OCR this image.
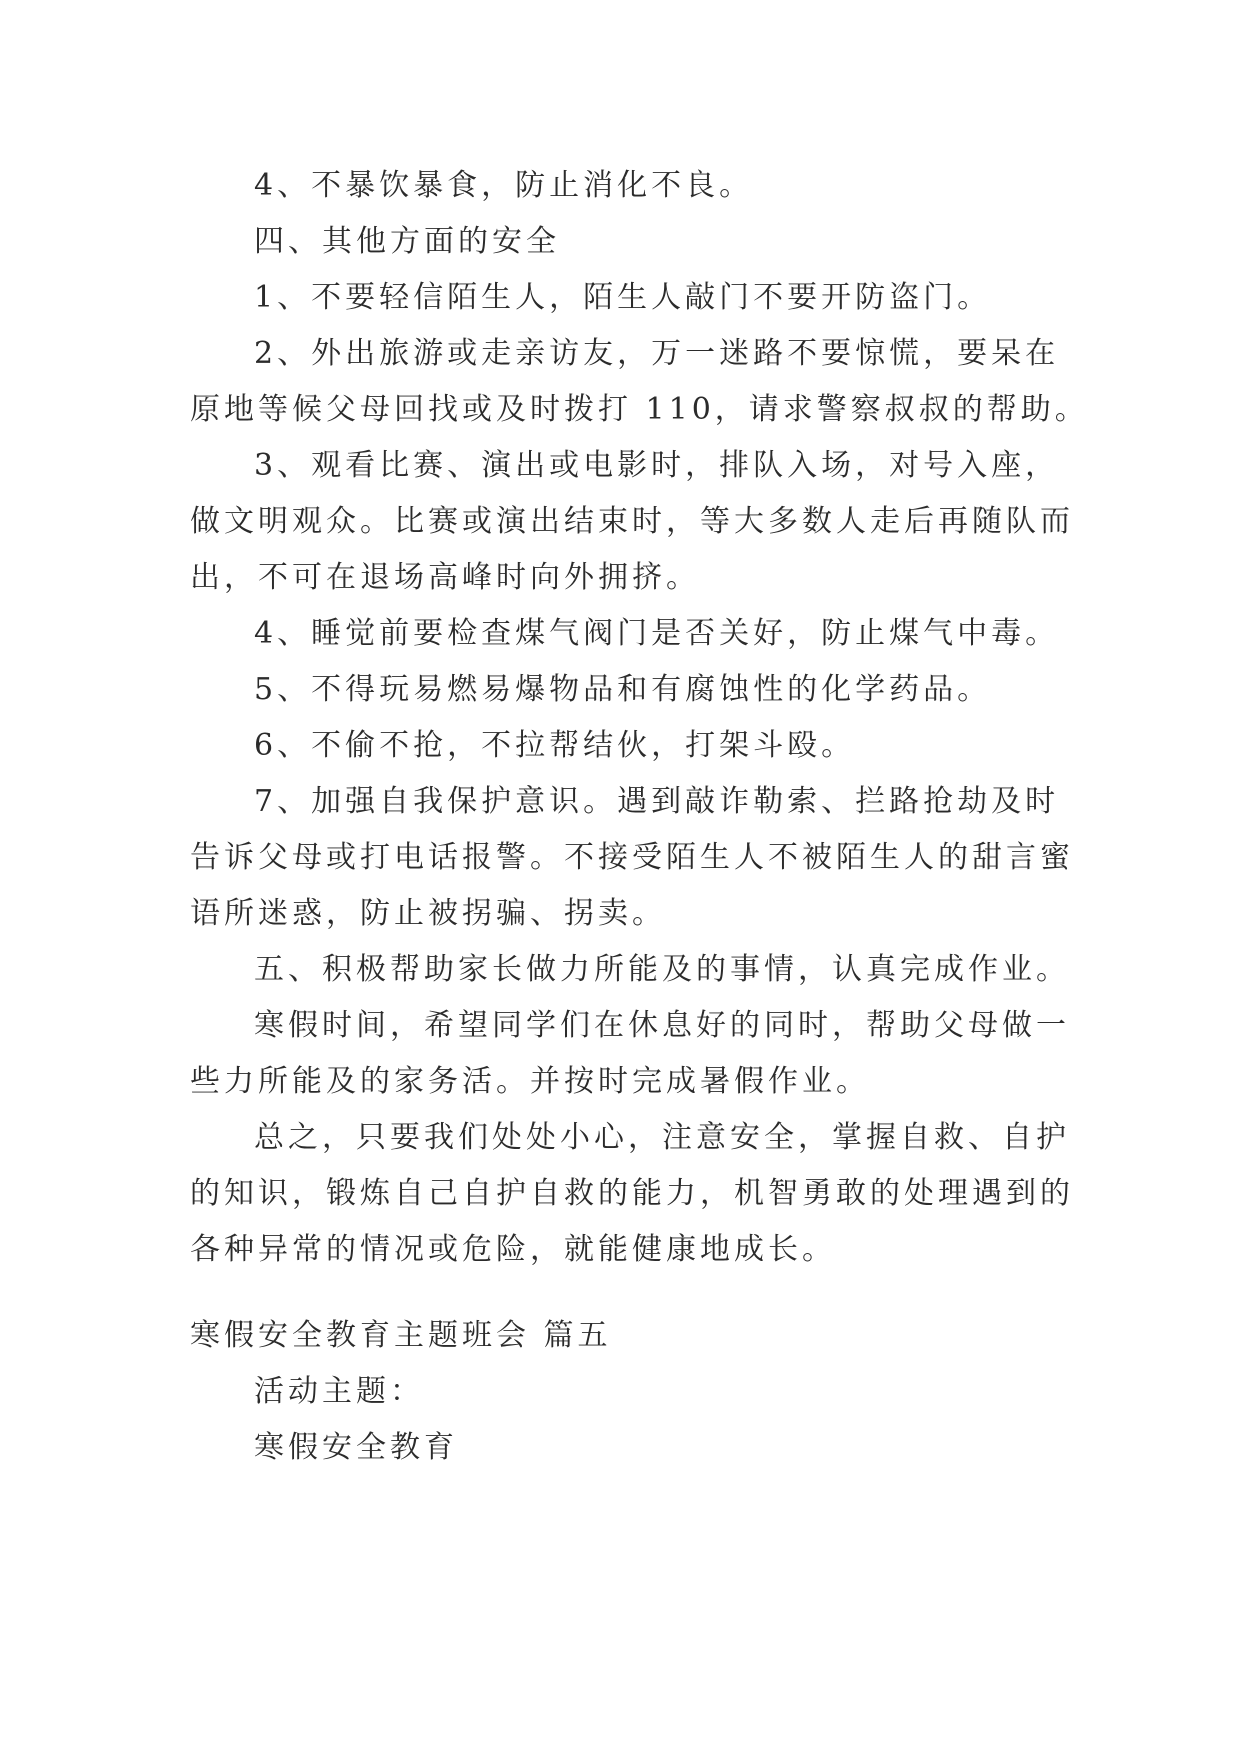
4、不暴饮暴食，防止消化不良。
四、其他方面的安全
1、不要轻信陌生人，陌生人敲门不要开防盗门。
2、外出旅游或走亲访友，万一迷路不要惊慌，要呆在
原地等候父母回找或及时拨打 110，请求警察叔叔的帮助。
3、观看比赛、演出或电影时，排队入场，对号入座，
做文明观众。比赛或演出结束时，等大多数人走后再随队而
出，不可在退场高峰时向外拥挤。
4、睡觉前要检查煤气阀门是否关好，防止煤气中毒。
5、不得玩易燃易爆物品和有腐蚀性的化学药品。
6、不偷不抢，不拉帮结伙，打架斗殴。
7、加强自我保护意识。遇到敲诈勒索、拦路抢劫及时
告诉父母或打电话报警。不接受陌生人不被陌生人的甜言蜜
语所迷惑，防止被拐骗、拐卖。
五、积极帮助家长做力所能及的事情，认真完成作业。
寒假时间，希望同学们在休息好的同时，帮助父母做一
些力所能及的家务活。并按时完成暑假作业。
总之，只要我们处处小心，注意安全，掌握自救、自护
的知识，锻炼自己自护自救的能力，机智勇敢的处理遇到的
各种异常的情况或危险，就能健康地成长。
寒假安全教育主题班会 篇五
活动主题：
寒假安全教育
